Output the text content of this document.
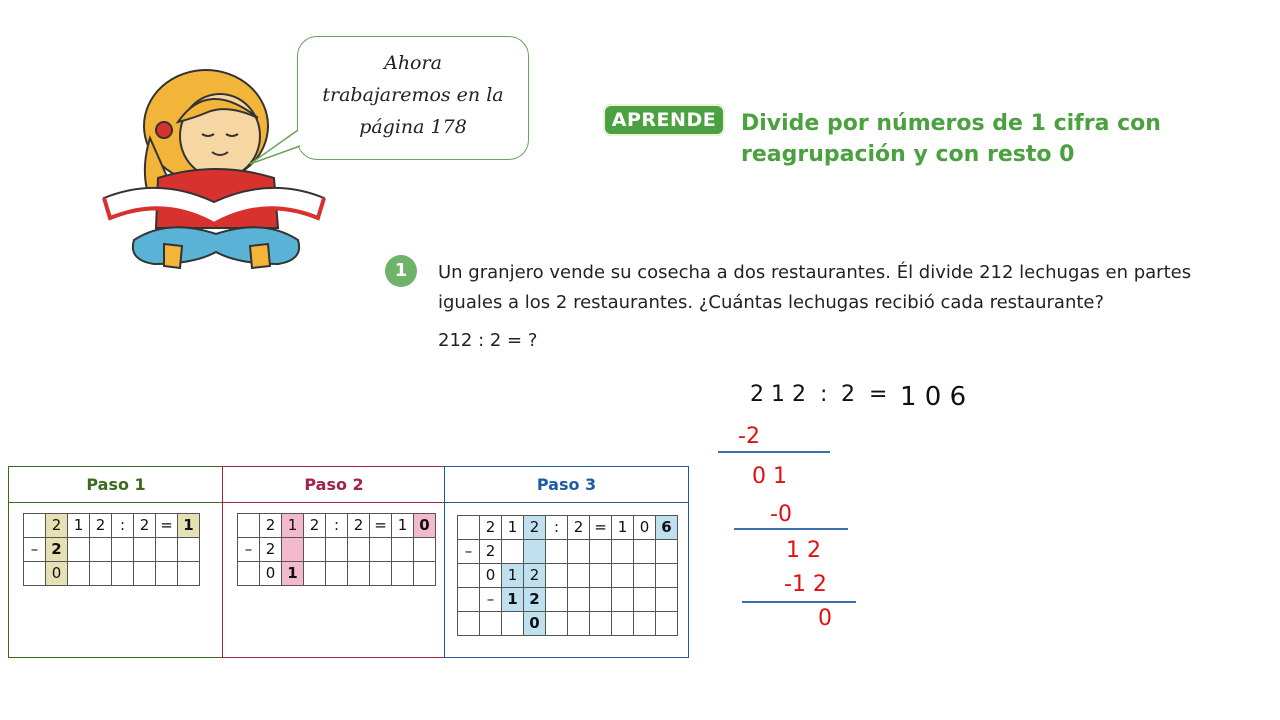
Ahora
trabajaremos en la
página 178	APRENDE	Divide por números de 1 cifra con
reagrupación y con resto 0
1	Un granjero vende su cosecha a dos restaurantes. Él divide 212 lechugas en partes
iguales a los 2 restaurantes. ¿Cuántas lechugas recibió cada restaurante?
212 : 2 = ?
2 1 2 : 2 = 1 0 6
-2
0 1
-0
1 2
-1 2
0
Paso 1
	2	1	2	:	2	=	1
–	2						
	0						
Paso 2
	2	1	2	:	2	=	1	0
–	2							
	0	1						
Paso 3
	2	1	2	:	2	=	1	0	6
–	2								
	0	1	2						
	–	1	2						
			0						
